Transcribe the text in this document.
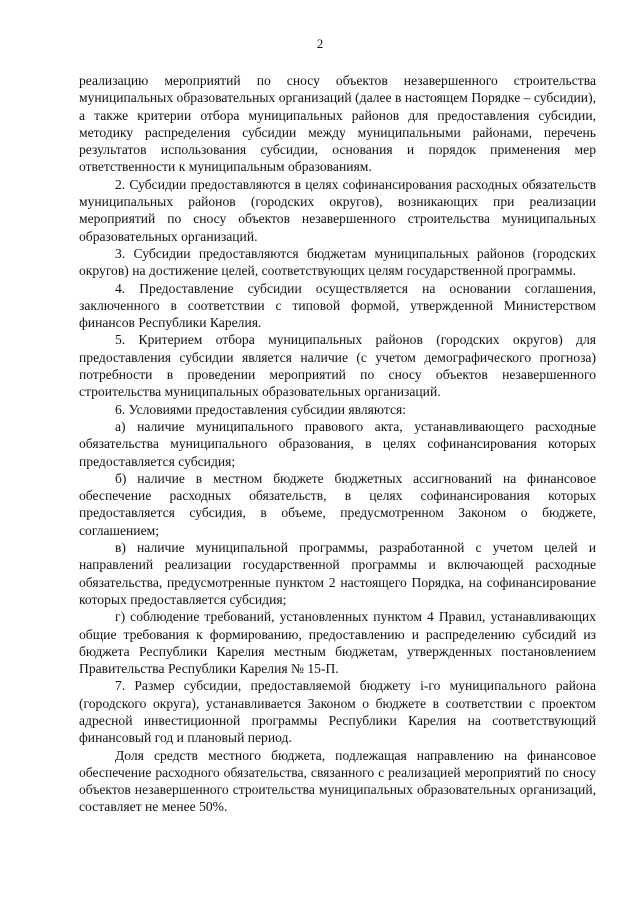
2

реализацию мероприятий по сносу объектов незавершенного строительства муниципальных образовательных организаций (далее в настоящем Порядке – субсидии), а также критерии отбора муниципальных районов для предоставления субсидии, методику распределения субсидии между муниципальными районами, перечень результатов использования субсидии, основания и порядок применения мер ответственности к муниципальным образованиям.

2. Субсидии предоставляются в целях софинансирования расходных обязательств муниципальных районов (городских округов), возникающих при реализации мероприятий по сносу объектов незавершенного строительства муниципальных образовательных организаций.

3. Субсидии предоставляются бюджетам муниципальных районов (городских округов) на достижение целей, соответствующих целям государственной программы.

4. Предоставление субсидии осуществляется на основании соглашения, заключенного в соответствии с типовой формой, утвержденной Министерством финансов Республики Карелия.

5. Критерием отбора муниципальных районов (городских округов) для предоставления субсидии является наличие (с учетом демографического прогноза) потребности в проведении мероприятий по сносу объектов незавершенного строительства муниципальных образовательных организаций.

6. Условиями предоставления субсидии являются:

а) наличие муниципального правового акта, устанавливающего расходные обязательства муниципального образования, в целях софинансирования которых предоставляется субсидия;

б) наличие в местном бюджете бюджетных ассигнований на финансовое обеспечение расходных обязательств, в целях софинансирования которых предоставляется субсидия, в объеме, предусмотренном Законом о бюджете, соглашением;

в) наличие муниципальной программы, разработанной с учетом целей и направлений реализации государственной программы и включающей расходные обязательства, предусмотренные пунктом 2 настоящего Порядка, на софинансирование которых предоставляется субсидия;

г) соблюдение требований, установленных пунктом 4 Правил, устанавливающих общие требования к формированию, предоставлению и распределению субсидий из бюджета Республики Карелия местным бюджетам, утвержденных постановлением Правительства Республики Карелия № 15-П.

7. Размер субсидии, предоставляемой бюджету i-го муниципального района (городского округа), устанавливается Законом о бюджете в соответствии с проектом адресной инвестиционной программы Республики Карелия на соответствующий финансовый год и плановый период.

Доля средств местного бюджета, подлежащая направлению на финансовое обеспечение расходного обязательства, связанного с реализацией мероприятий по сносу объектов незавершенного строительства муниципальных образовательных организаций, составляет не менее 50%.
